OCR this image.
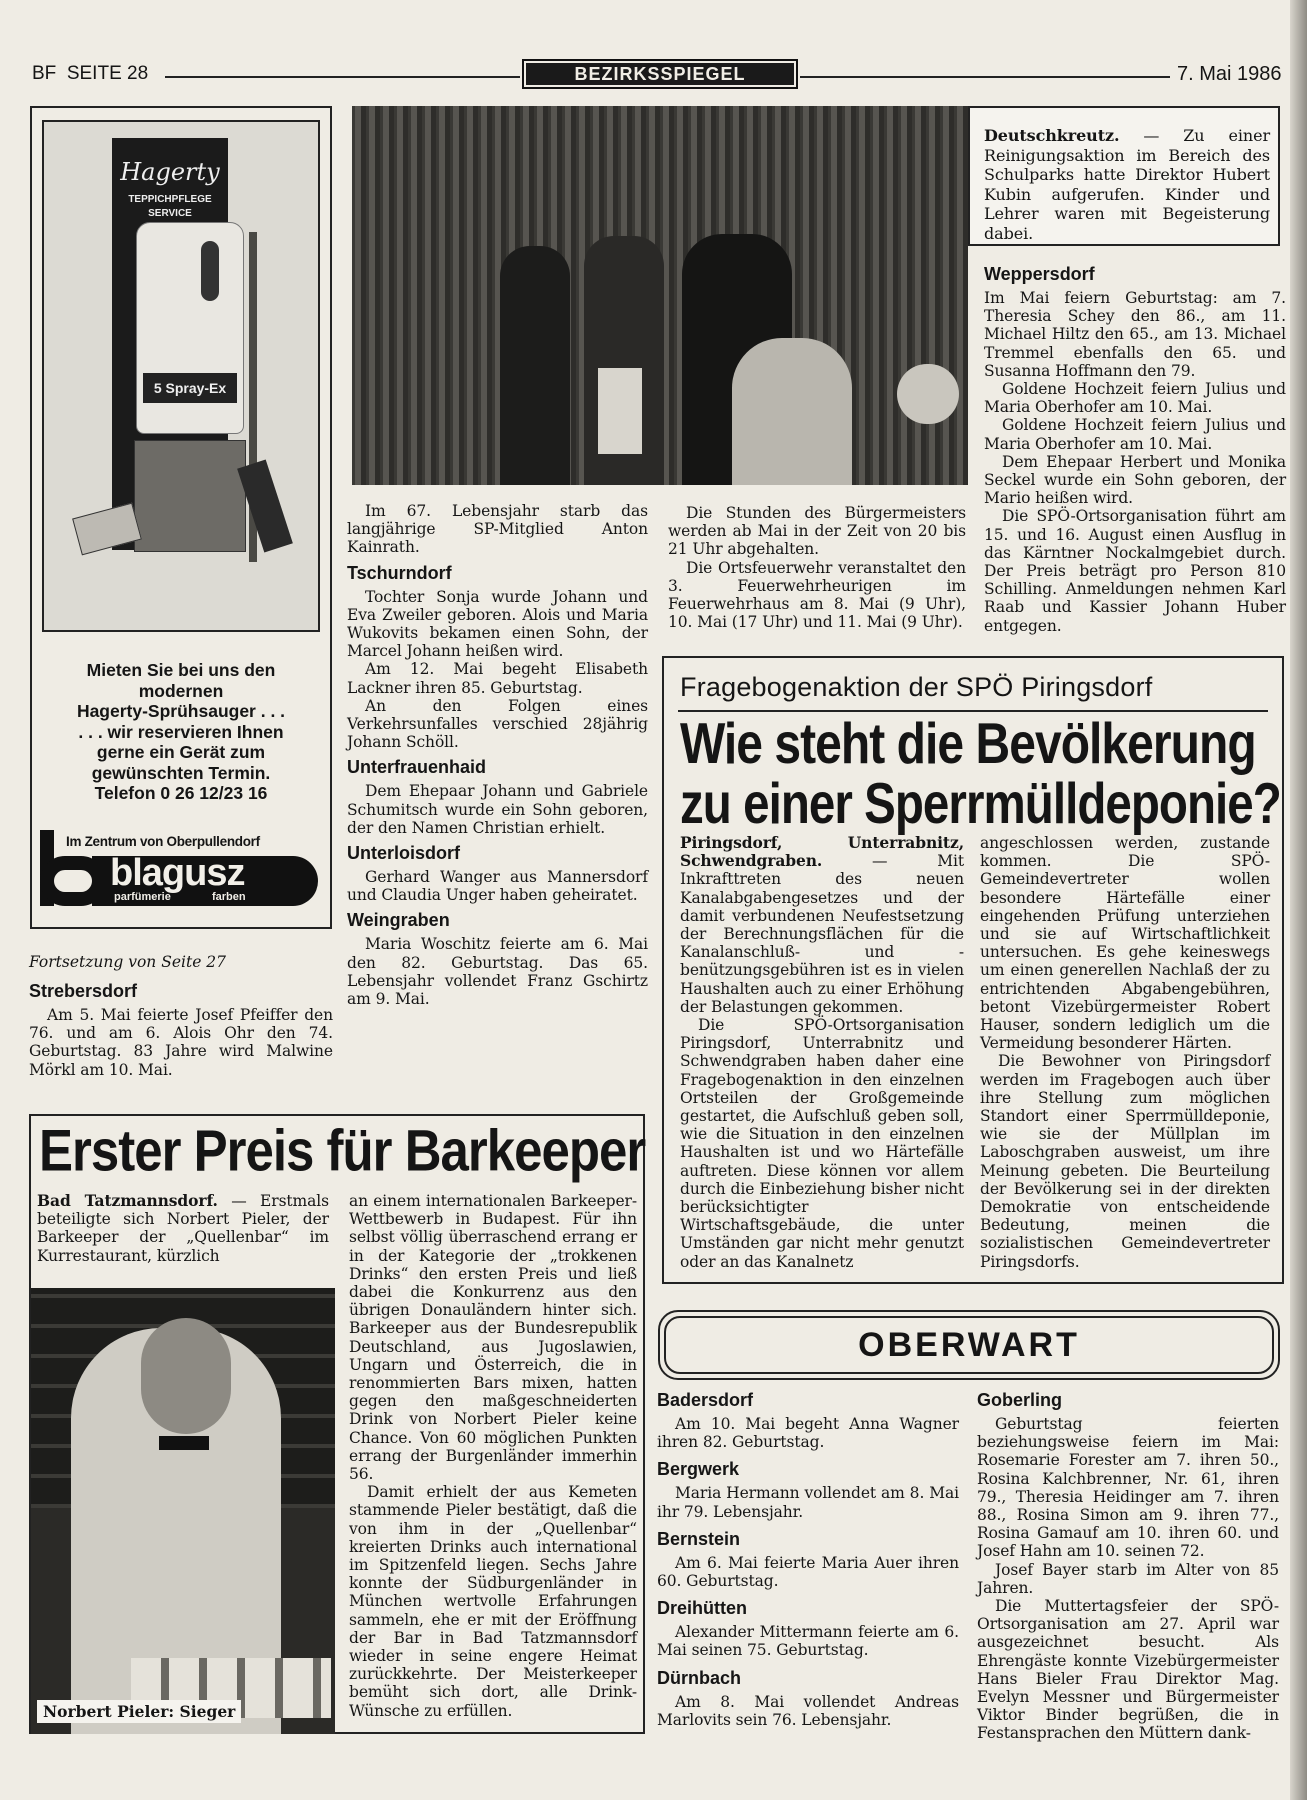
BF  SEITE 28	BEZIRKSSPIEGEL	7. Mai 1986
Hagerty
TEPPICHPFLEGE
SERVICE
5 Spray-Ex
Mieten Sie bei uns den
modernen
Hagerty-Sprühsauger . . .
. . . wir reservieren Ihnen
gerne ein Gerät zum
gewünschten Termin.
Telefon 0 26 12/23 16
Im Zentrum von Oberpullendorf
blagusz
parfümerie	farben
Fortsetzung von Seite 27
Strebersdorf

Am 5. Mai feierte Josef Pfeiffer den 76. und am 6. Alois Ohr den 74. Geburtstag. 83 Jahre wird Malwine Mörkl am 10. Mai.

Deutschkreutz. — Zu einer Reinigungsaktion im Bereich des Schulparks hatte Direktor Hubert Kubin aufgerufen. Kinder und Lehrer waren mit Begeisterung dabei.

Weppersdorf

Im Mai feiern Geburtstag: am 7. Theresia Schey den 86., am 11. Michael Hiltz den 65., am 13. Michael Tremmel ebenfalls den 65. und Susanna Hoffmann den 79.

Goldene Hochzeit feiern Julius und Maria Oberhofer am 10. Mai.

Goldene Hochzeit feiern Julius und Maria Oberhofer am 10. Mai.

Dem Ehepaar Herbert und Monika Seckel wurde ein Sohn geboren, der Mario heißen wird.

Die SPÖ-Ortsorganisation führt am 15. und 16. August einen Ausflug in das Kärntner Nockalmgebiet durch. Der Preis beträgt pro Person 810 Schilling. Anmeldungen nehmen Karl Raab und Kassier Johann Huber entgegen.

Im 67. Lebensjahr starb das langjährige SP-Mitglied Anton Kainrath.

Tschurndorf

Tochter Sonja wurde Johann und Eva Zweiler geboren. Alois und Maria Wukovits bekamen einen Sohn, der Marcel Johann heißen wird.

Am 12. Mai begeht Elisabeth Lackner ihren 85. Geburtstag.

An den Folgen eines Verkehrsunfalles verschied 28jährig Johann Schöll.

Unterfrauenhaid

Dem Ehepaar Johann und Gabriele Schumitsch wurde ein Sohn geboren, der den Namen Christian erhielt.

Unterloisdorf

Gerhard Wanger aus Mannersdorf und Claudia Unger haben geheiratet.

Weingraben

Maria Woschitz feierte am 6. Mai den 82. Geburtstag. Das 65. Lebensjahr vollendet Franz Gschirtz am 9. Mai.

Die Stunden des Bürgermeisters werden ab Mai in der Zeit von 20 bis 21 Uhr abgehalten.

Die Ortsfeuerwehr veranstaltet den 3. Feuerwehrheurigen im Feuerwehrhaus am 8. Mai (9 Uhr), 10. Mai (17 Uhr) und 11. Mai (9 Uhr).

Fragebogenaktion der SPÖ Piringsdorf
Wie steht die Bevölkerung
zu einer Sperrmülldeponie?

Piringsdorf, Unterrabnitz, Schwendgraben. — Mit Inkrafttreten des neuen Kanalabgabengesetzes und der damit verbundenen Neufestsetzung der Berechnungsflächen für die Kanalanschluß- und -benützungsgebühren ist es in vielen Haushalten auch zu einer Erhöhung der Belastungen gekommen.

Die SPÖ-Ortsorganisation Piringsdorf, Unterrabnitz und Schwendgraben haben daher eine Fragebogenaktion in den einzelnen Ortsteilen der Großgemeinde gestartet, die Aufschluß geben soll, wie die Situation in den einzelnen Haushalten ist und wo Härtefälle auftreten. Diese können vor allem durch die Einbeziehung bisher nicht berücksichtigter Wirtschaftsgebäude, die unter Umständen gar nicht mehr genutzt oder an das Kanalnetz

angeschlossen werden, zustande kommen. Die SPÖ-Gemeindevertreter wollen besondere Härtefälle einer eingehenden Prüfung unterziehen und sie auf Wirtschaftlichkeit untersuchen. Es gehe keineswegs um einen generellen Nachlaß der zu entrichtenden Abgabengebühren, betont Vizebürgermeister Robert Hauser, sondern lediglich um die Vermeidung besonderer Härten.

Die Bewohner von Piringsdorf werden im Fragebogen auch über ihre Stellung zum möglichen Standort einer Sperrmülldeponie, wie sie der Müllplan im Laboschgraben ausweist, um ihre Meinung gebeten. Die Beurteilung der Bevölkerung sei in der direkten Demokratie von entscheidende Bedeutung, meinen die sozialistischen Gemeindevertreter Piringsdorfs.

Erster Preis für Barkeeper

Bad Tatzmannsdorf. — Erstmals beteiligte sich Norbert Pieler, der Barkeeper der „Quellenbar“ im Kurrestaurant, kürzlich

Norbert Pieler: Sieger

an einem internationalen Barkeeper-Wettbewerb in Budapest. Für ihn selbst völlig überraschend errang er in der Kategorie der „trokkenen Drinks“ den ersten Preis und ließ dabei die Konkurrenz aus den übrigen Donauländern hinter sich. Barkeeper aus der Bundesrepublik Deutschland, aus Jugoslawien, Ungarn und Österreich, die in renommierten Bars mixen, hatten gegen den maßgeschneiderten Drink von Norbert Pieler keine Chance. Von 60 möglichen Punkten errang der Burgenländer immerhin 56.

Damit erhielt der aus Kemeten stammende Pieler bestätigt, daß die von ihm in der „Quellenbar“ kreierten Drinks auch international im Spitzenfeld liegen. Sechs Jahre konnte der Südburgenländer in München wertvolle Erfahrungen sammeln, ehe er mit der Eröffnung der Bar in Bad Tatzmannsdorf wieder in seine engere Heimat zurückkehrte. Der Meisterkeeper bemüht sich dort, alle Drink-Wünsche zu erfüllen.

OBERWART
Badersdorf

Am 10. Mai begeht Anna Wagner ihren 82. Geburtstag.

Bergwerk

Maria Hermann vollendet am 8. Mai ihr 79. Lebensjahr.

Bernstein

Am 6. Mai feierte Maria Auer ihren 60. Geburtstag.

Dreihütten

Alexander Mittermann feierte am 6. Mai seinen 75. Geburtstag.

Dürnbach

Am 8. Mai vollendet Andreas Marlovits sein 76. Lebensjahr.

Goberling

Geburtstag feierten beziehungsweise feiern im Mai: Rosemarie Forester am 7. ihren 50., Rosina Kalchbrenner, Nr. 61, ihren 79., Theresia Heidinger am 7. ihren 88., Rosina Simon am 9. ihren 77., Rosina Gamauf am 10. ihren 60. und Josef Hahn am 10. seinen 72.

Josef Bayer starb im Alter von 85 Jahren.

Die Muttertagsfeier der SPÖ-Ortsorganisation am 27. April war ausgezeichnet besucht. Als Ehrengäste konnte Vizebürgermeister Hans Bieler Frau Direktor Mag. Evelyn Messner und Bürgermeister Viktor Binder begrüßen, die in Festansprachen den Müttern dank-
